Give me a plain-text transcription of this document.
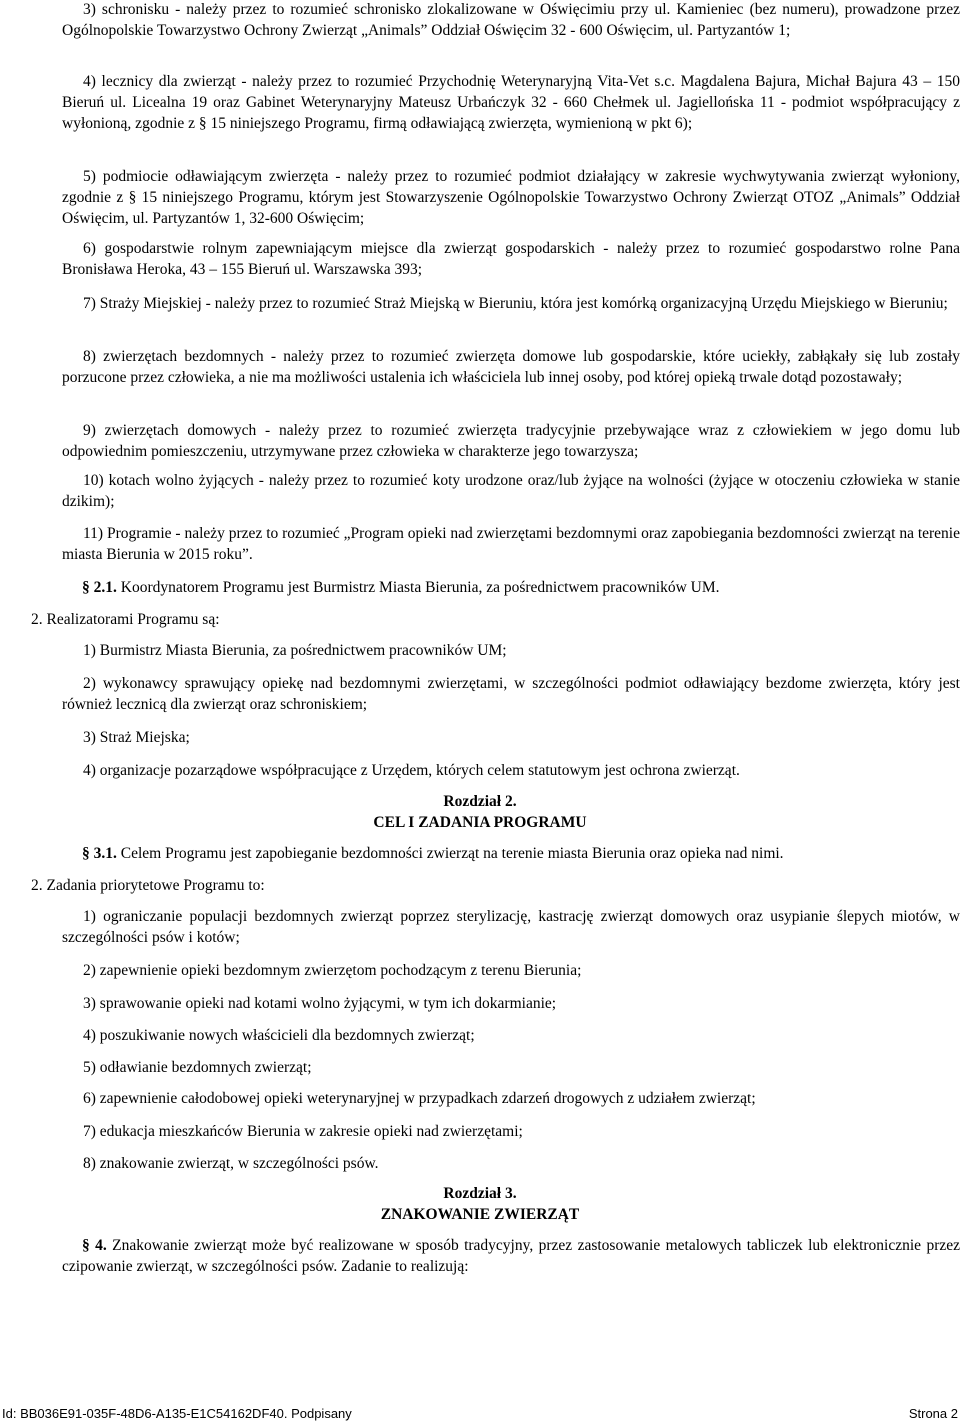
3) schronisku - należy przez to rozumieć schronisko zlokalizowane w Oświęcimiu przy ul. Kamieniec (bez numeru), prowadzone przez Ogólnopolskie Towarzystwo Ochrony Zwierząt „Animals” Oddział Oświęcim 32 - 600 Oświęcim, ul. Partyzantów 1;

4) lecznicy dla zwierząt - należy przez to rozumieć Przychodnię Weterynaryjną Vita-Vet s.c. Magdalena Bajura, Michał Bajura 43 – 150 Bieruń ul. Licealna 19 oraz Gabinet Weterynaryjny Mateusz Urbańczyk 32 - 660 Chełmek ul. Jagiellońska 11 - podmiot współpracujący z wyłonioną, zgodnie z § 15 niniejszego Programu, firmą odławiającą zwierzęta, wymienioną w pkt 6);

5) podmiocie odławiającym zwierzęta - należy przez to rozumieć podmiot działający w zakresie wychwytywania zwierząt wyłoniony, zgodnie z § 15 niniejszego Programu, którym jest Stowarzyszenie Ogólnopolskie Towarzystwo Ochrony Zwierząt OTOZ „Animals” Oddział Oświęcim, ul. Partyzantów 1, 32-600 Oświęcim;

6) gospodarstwie rolnym zapewniającym miejsce dla zwierząt gospodarskich - należy przez to rozumieć gospodarstwo rolne Pana Bronisława Heroka, 43 – 155 Bieruń ul. Warszawska 393;

7) Straży Miejskiej - należy przez to rozumieć Straż Miejską w Bieruniu, która jest komórką organizacyjną Urzędu Miejskiego w Bieruniu;

8) zwierzętach bezdomnych - należy przez to rozumieć zwierzęta domowe lub gospodarskie, które uciekły, zabłąkały się lub zostały porzucone przez człowieka, a nie ma możliwości ustalenia ich właściciela lub innej osoby, pod której opieką trwale dotąd pozostawały;

9) zwierzętach domowych - należy przez to rozumieć zwierzęta tradycyjnie przebywające wraz z człowiekiem w jego domu lub odpowiednim pomieszczeniu, utrzymywane przez człowieka w charakterze jego towarzysza;

10) kotach wolno żyjących - należy przez to rozumieć koty urodzone oraz/lub żyjące na wolności (żyjące w otoczeniu człowieka w stanie dzikim);

11) Programie - należy przez to rozumieć „Program opieki nad zwierzętami bezdomnymi oraz zapobiegania bezdomności zwierząt na terenie miasta Bierunia w 2015 roku”.

§ 2.1. Koordynatorem Programu jest Burmistrz Miasta Bierunia, za pośrednictwem pracowników UM.

2. Realizatorami Programu są:

1) Burmistrz Miasta Bierunia, za pośrednictwem pracowników UM;

2) wykonawcy sprawujący opiekę nad bezdomnymi zwierzętami, w szczególności podmiot odławiający bezdome zwierzęta, który jest również lecznicą dla zwierząt oraz schroniskiem;

3) Straż Miejska;

4) organizacje pozarządowe współpracujące z Urzędem, których celem statutowym jest ochrona zwierząt.

Rozdział 2.

CEL I ZADANIA PROGRAMU

§ 3.1. Celem Programu jest zapobieganie bezdomności zwierząt na terenie miasta Bierunia oraz opieka nad nimi.

2. Zadania priorytetowe Programu to:

1) ograniczanie populacji bezdomnych zwierząt poprzez sterylizację, kastrację zwierząt domowych oraz usypianie ślepych miotów, w szczególności psów i kotów;

2) zapewnienie opieki bezdomnym zwierzętom pochodzącym z terenu Bierunia;

3) sprawowanie opieki nad kotami wolno żyjącymi, w tym ich dokarmianie;

4) poszukiwanie nowych właścicieli dla bezdomnych zwierząt;

5) odławianie bezdomnych zwierząt;

6) zapewnienie całodobowej opieki weterynaryjnej w przypadkach zdarzeń drogowych z udziałem zwierząt;

7) edukacja mieszkańców Bierunia w zakresie opieki nad zwierzętami;

8) znakowanie zwierząt, w szczególności psów.

Rozdział 3.

ZNAKOWANIE ZWIERZĄT

§ 4. Znakowanie zwierząt może być realizowane w sposób tradycyjny, przez zastosowanie metalowych tabliczek lub elektronicznie przez czipowanie zwierząt, w szczególności psów. Zadanie to realizują:

Id: BB036E91-035F-48D6-A135-E1C54162DF40. Podpisany	Strona 2
